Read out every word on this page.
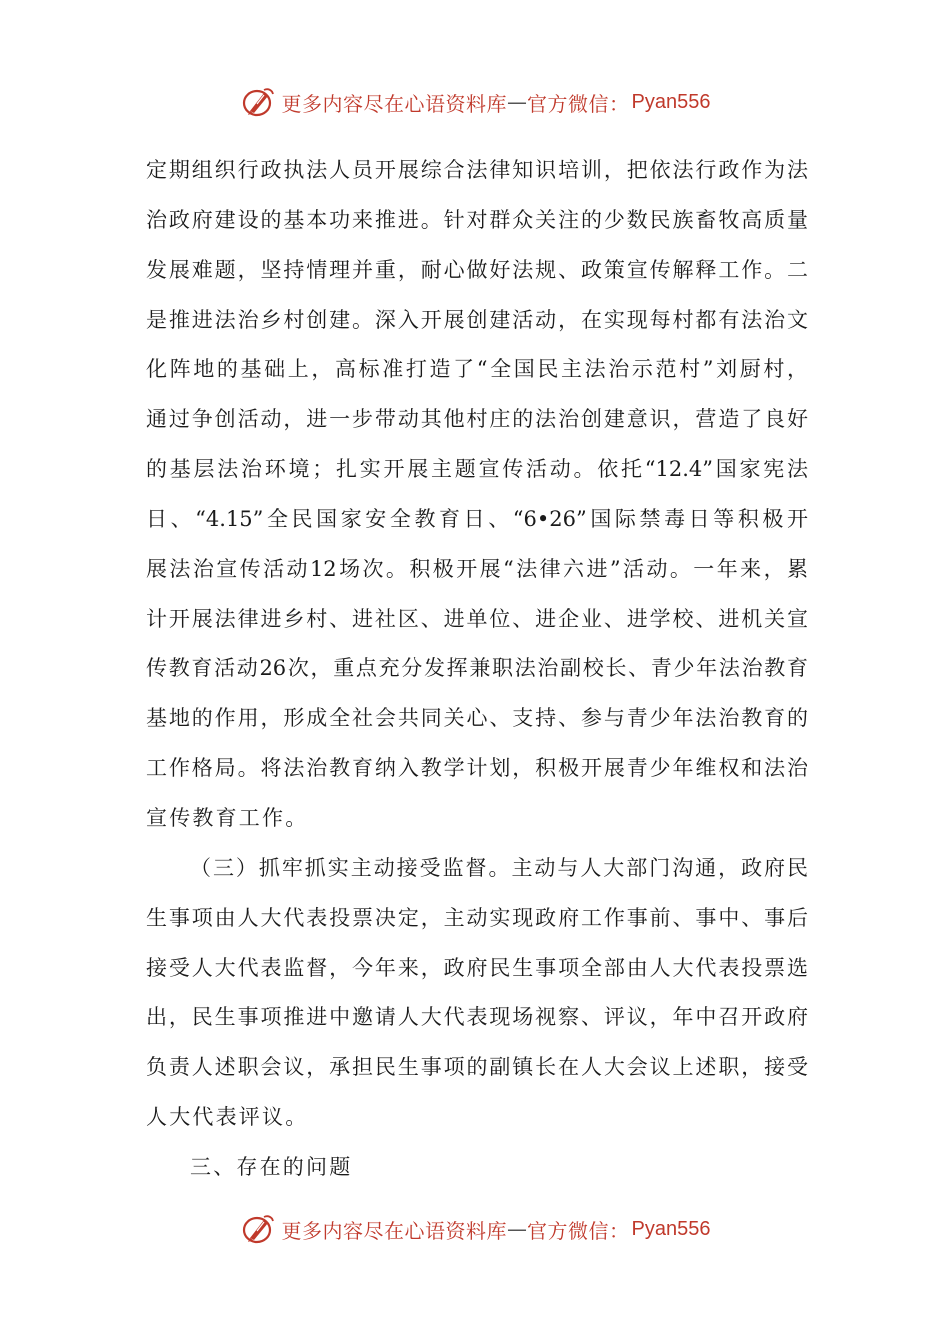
更多内容尽在心语资料库 — 官方微信： Pyan556
定期组织行政执法人员开展综合法律知识培训，把依法行政作为法
治政府建设的基本功来推进。针对群众关注的少数民族畜牧高质量
发展难题，坚持情理并重，耐心做好法规、政策宣传解释工作。二
是推进法治乡村创建。深入开展创建活动，在实现每村都有法治文
化阵地的基础上，高标准打造了“全国民主法治示范村”刘厨村，
通过争创活动，进一步带动其他村庄的法治创建意识，营造了良好
的基层法治环境；扎实开展主题宣传活动。依托“12.4”国家宪法
日、“4.15”全民国家安全教育日、“6•26”国际禁毒日等积极开
展法治宣传活动12场次。积极开展“法律六进”活动。一年来，累
计开展法律进乡村、进社区、进单位、进企业、进学校、进机关宣
传教育活动26次，重点充分发挥兼职法治副校长、青少年法治教育
基地的作用，形成全社会共同关心、支持、参与青少年法治教育的
工作格局。将法治教育纳入教学计划，积极开展青少年维权和法治
宣传教育工作。
（三）抓牢抓实主动接受监督。主动与人大部门沟通，政府民
生事项由人大代表投票决定，主动实现政府工作事前、事中、事后
接受人大代表监督，今年来，政府民生事项全部由人大代表投票选
出，民生事项推进中邀请人大代表现场视察、评议，年中召开政府
负责人述职会议，承担民生事项的副镇长在人大会议上述职，接受
人大代表评议。
三、存在的问题
更多内容尽在心语资料库 — 官方微信： Pyan556
